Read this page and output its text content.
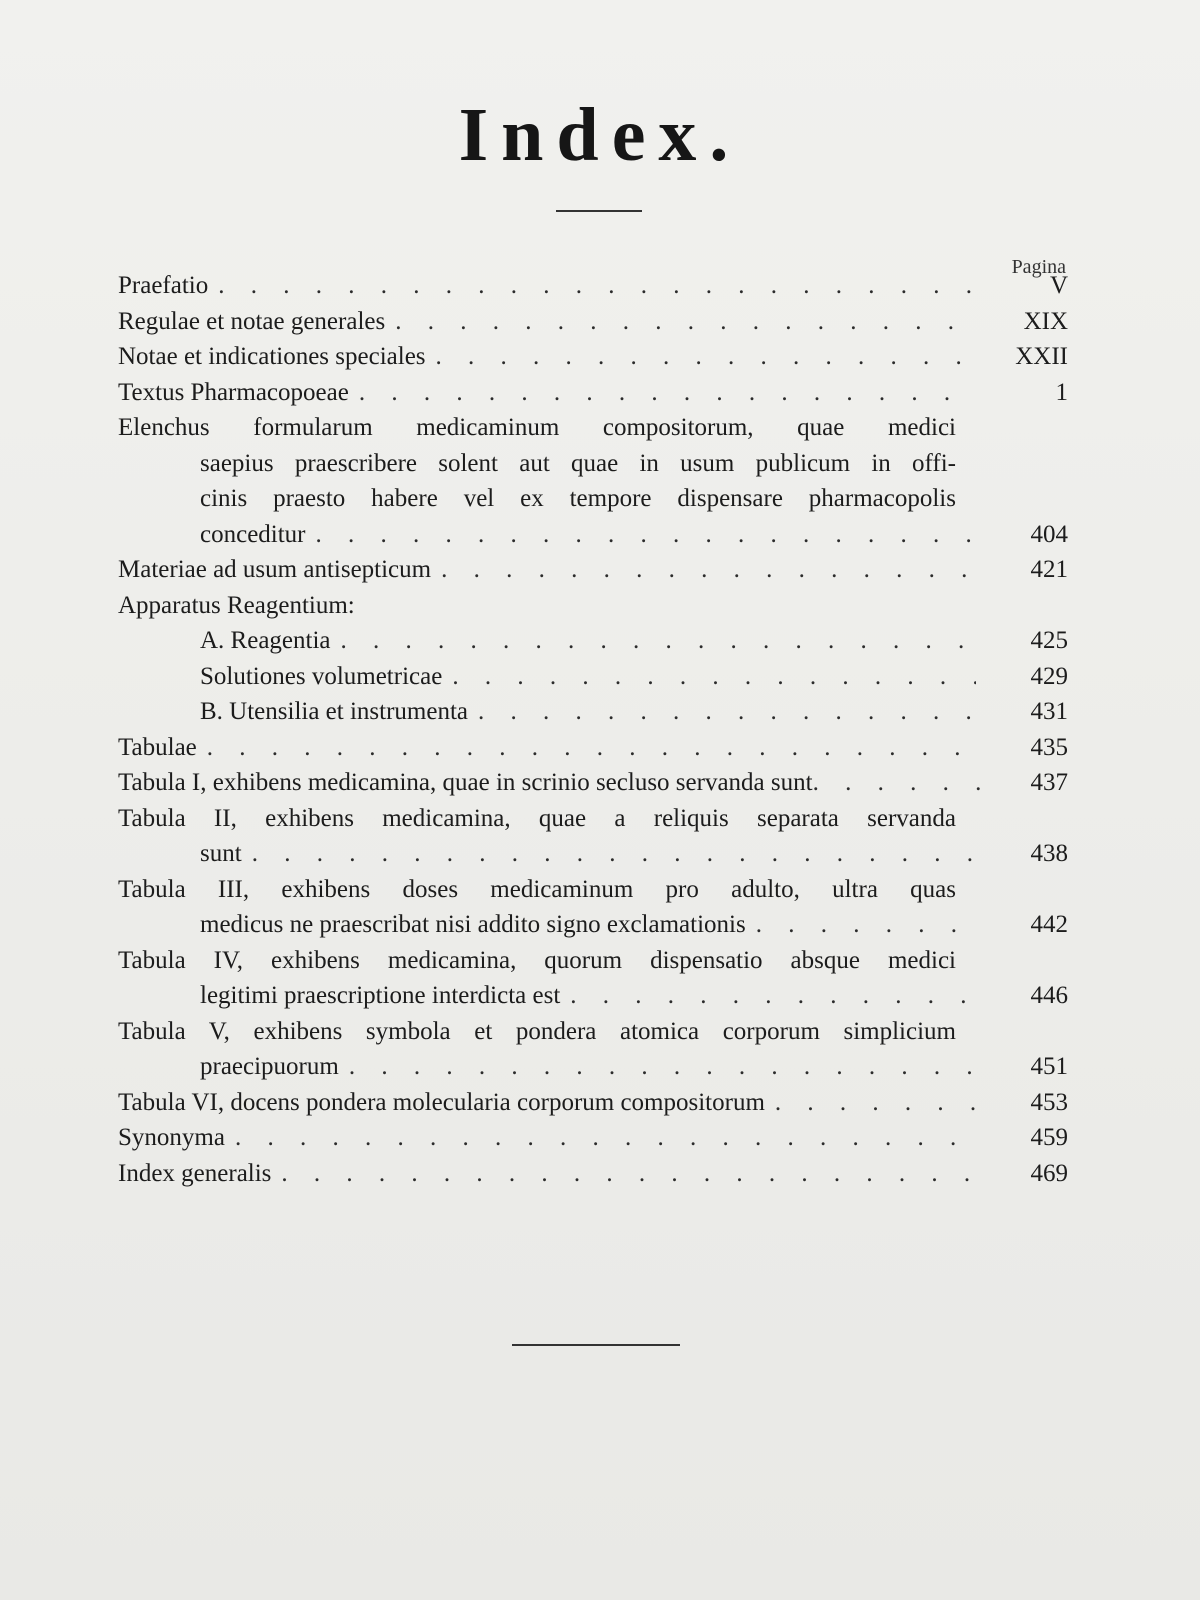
Index.
Pagina
Praefatio . . .	V
Regulae et notae generales . . .	XIX
Notae et indicationes speciales . . .	XXII
Textus Pharmacopoeae . . .	1
Elenchus formularum medicaminum compositorum, quae medici
saepius praescribere solent aut quae in usum publicum in offi-
cinis praesto habere vel ex tempore dispensare pharmacopolis
conceditur . . .	404
Materiae ad usum antisepticum . . .	421
Apparatus Reagentium:
A. Reagentia . . .	425
Solutiones volumetricae . . .	429
B. Utensilia et instrumenta . . .	431
Tabulae . . .	435
Tabula I, exhibens medicamina, quae in scrinio secluso servanda sunt . . .	437
Tabula II, exhibens medicamina, quae a reliquis separata servanda
sunt . . .	438
Tabula III, exhibens doses medicaminum pro adulto, ultra quas
medicus ne praescribat nisi addito signo exclamationis . . .	442
Tabula IV, exhibens medicamina, quorum dispensatio absque medici
legitimi praescriptione interdicta est . . .	446
Tabula V, exhibens symbola et pondera atomica corporum simplicium
praecipuorum . . .	451
Tabula VI, docens pondera molecularia corporum compositorum . . .	453
Synonyma . . .	459
Index generalis . . .	469
